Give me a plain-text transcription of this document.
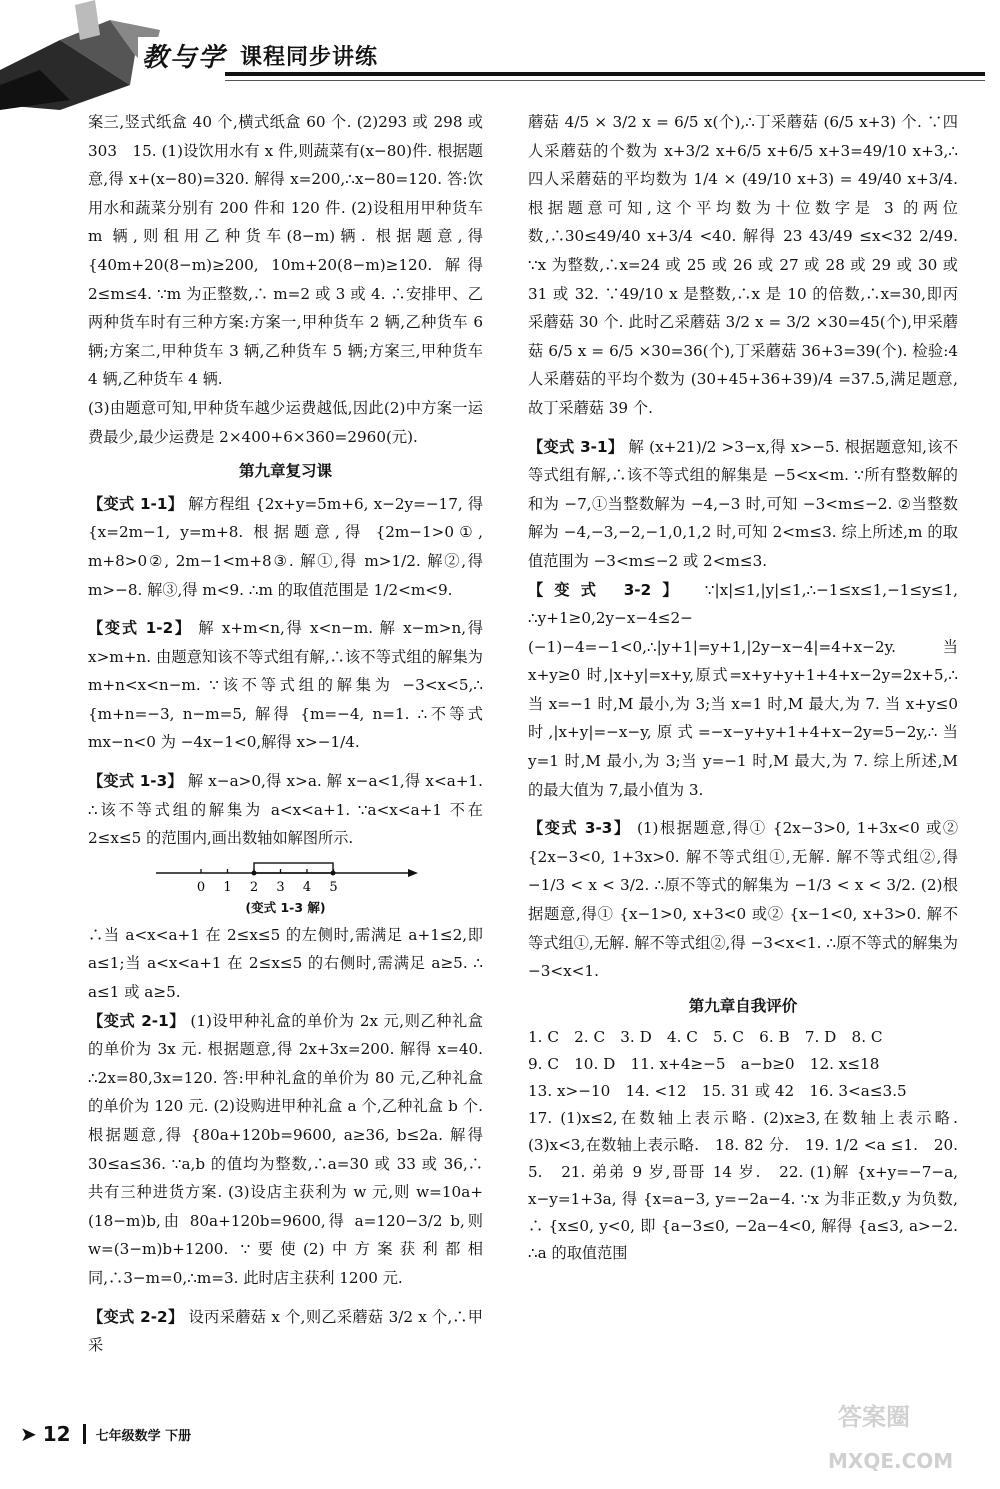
教与学 课程同步讲练

案三,竖式纸盒 40 个,横式纸盒 60 个. (2)293 或 298 或 303　15. (1)设饮用水有 x 件,则蔬菜有(x−80)件. 根据题意,得 x+(x−80)=320. 解得 x=200,∴x−80=120. 答:饮用水和蔬菜分别有 200 件和 120 件. (2)设租用甲种货车 m 辆,则租用乙种货车(8−m)辆. 根据题意,得 {40m+20(8−m)≥200, 10m+20(8−m)≥120. 解得 2≤m≤4. ∵m 为正整数,∴ m=2 或 3 或 4. ∴安排甲、乙两种货车时有三种方案:方案一,甲种货车 2 辆,乙种货车 6 辆;方案二,甲种货车 3 辆,乙种货车 5 辆;方案三,甲种货车 4 辆,乙种货车 4 辆.

(3)由题意可知,甲种货车越少运费越低,因此(2)中方案一运费最少,最少运费是 2×400+6×360=2960(元).

第九章复习课

【变式 1-1】 解方程组 {2x+y=5m+6, x−2y=−17, 得 {x=2m−1, y=m+8. 根据题意,得 {2m−1>0①, m+8>0②, 2m−1<m+8③. 解①,得 m>1/2. 解②,得 m>−8. 解③,得 m<9. ∴m 的取值范围是 1/2<m<9.

【变式 1-2】 解 x+m<n,得 x<n−m. 解 x−m>n,得 x>m+n. 由题意知该不等式组有解,∴该不等式组的解集为 m+n<x<n−m. ∵该不等式组的解集为 −3<x<5,∴ {m+n=−3, n−m=5, 解得 {m=−4, n=1. ∴不等式 mx−n<0 为 −4x−1<0,解得 x>−1/4.

【变式 1-3】 解 x−a>0,得 x>a. 解 x−a<1,得 x<a+1. ∴该不等式组的解集为 a<x<a+1. ∵a<x<a+1 不在 2≤x≤5 的范围内,画出数轴如解图所示.

0 1 2 3 4 5
(变式 1-3 解)

∴当 a<x<a+1 在 2≤x≤5 的左侧时,需满足 a+1≤2,即 a≤1;当 a<x<a+1 在 2≤x≤5 的右侧时,需满足 a≥5. ∴ a≤1 或 a≥5.

【变式 2-1】 (1)设甲种礼盒的单价为 2x 元,则乙种礼盒的单价为 3x 元. 根据题意,得 2x+3x=200. 解得 x=40. ∴2x=80,3x=120. 答:甲种礼盒的单价为 80 元,乙种礼盒的单价为 120 元. (2)设购进甲种礼盒 a 个,乙种礼盒 b 个. 根据题意,得 {80a+120b=9600, a≥36, b≤2a. 解得 30≤a≤36. ∵a,b 的值均为整数,∴a=30 或 33 或 36,∴共有三种进货方案. (3)设店主获利为 w 元,则 w=10a+(18−m)b,由 80a+120b=9600,得 a=120−3/2 b,则 w=(3−m)b+1200. ∵要使(2)中方案获利都相同,∴3−m=0,∴m=3. 此时店主获利 1200 元.

【变式 2-2】 设丙采蘑菇 x 个,则乙采蘑菇 3/2 x 个,∴甲采

蘑菇 4/5 × 3/2 x = 6/5 x(个),∴丁采蘑菇 (6/5 x+3) 个. ∵四人采蘑菇的个数为 x+3/2 x+6/5 x+6/5 x+3=49/10 x+3,∴四人采蘑菇的平均数为 1/4 × (49/10 x+3) = 49/40 x+3/4. 根据题意可知,这个平均数为十位数字是 3 的两位数,∴30≤49/40 x+3/4 <40. 解得 23 43/49 ≤x<32 2/49. ∵x 为整数,∴x=24 或 25 或 26 或 27 或 28 或 29 或 30 或 31 或 32. ∵49/10 x 是整数,∴x 是 10 的倍数,∴x=30,即丙采蘑菇 30 个. 此时乙采蘑菇 3/2 x = 3/2 ×30=45(个),甲采蘑菇 6/5 x = 6/5 ×30=36(个),丁采蘑菇 36+3=39(个). 检验:4 人采蘑菇的平均个数为 (30+45+36+39)/4 =37.5,满足题意,故丁采蘑菇 39 个.

【变式 3-1】 解 (x+21)/2 >3−x,得 x>−5. 根据题意知,该不等式组有解,∴该不等式组的解集是 −5<x<m. ∵所有整数解的和为 −7,①当整数解为 −4,−3 时,可知 −3<m≤−2. ②当整数解为 −4,−3,−2,−1,0,1,2 时,可知 2<m≤3. 综上所述,m 的取值范围为 −3<m≤−2 或 2<m≤3.

【变式 3-2】 ∵|x|≤1,|y|≤1,∴−1≤x≤1,−1≤y≤1, ∴y+1≥0,2y−x−4≤2−(−1)−4=−1<0,∴|y+1|=y+1,|2y−x−4|=4+x−2y. 当 x+y≥0 时,|x+y|=x+y,原式=x+y+y+1+4+x−2y=2x+5,∴当 x=−1 时,M 最小,为 3;当 x=1 时,M 最大,为 7. 当 x+y≤0 时,|x+y|=−x−y,原式=−x−y+y+1+4+x−2y=5−2y,∴当 y=1 时,M 最小,为 3;当 y=−1 时,M 最大,为 7. 综上所述,M 的最大值为 7,最小值为 3.

【变式 3-3】 (1)根据题意,得① {2x−3>0, 1+3x<0 或② {2x−3<0, 1+3x>0. 解不等式组①,无解. 解不等式组②,得 −1/3 < x < 3/2. ∴原不等式的解集为 −1/3 < x < 3/2. (2)根据题意,得① {x−1>0, x+3<0 或② {x−1<0, x+3>0. 解不等式组①,无解. 解不等式组②,得 −3<x<1. ∴原不等式的解集为 −3<x<1.

第九章自我评价

1. C　2. C　3. D　4. C　5. C　6. B　7. D　8. C

9. C　10. D　11. x+4≥−5　a−b≥0　12. x≤18

13. x>−10　14. <12　15. 31 或 42　16. 3<a≤3.5

17. (1)x≤2,在数轴上表示略. (2)x≥3,在数轴上表示略. (3)x<3,在数轴上表示略.　18. 82 分.　19. 1/2 <a ≤1.　20. 5.　21. 弟弟 9 岁,哥哥 14 岁.　22. (1)解 {x+y=−7−a, x−y=1+3a, 得 {x=a−3, y=−2a−4. ∵x 为非正数,y 为负数, ∴ {x≤0, y<0, 即 {a−3≤0, −2a−4<0, 解得 {a≤3, a>−2. ∴a 的取值范围

➤ 12 七年级数学 下册
答案圈
MXQE.COM
